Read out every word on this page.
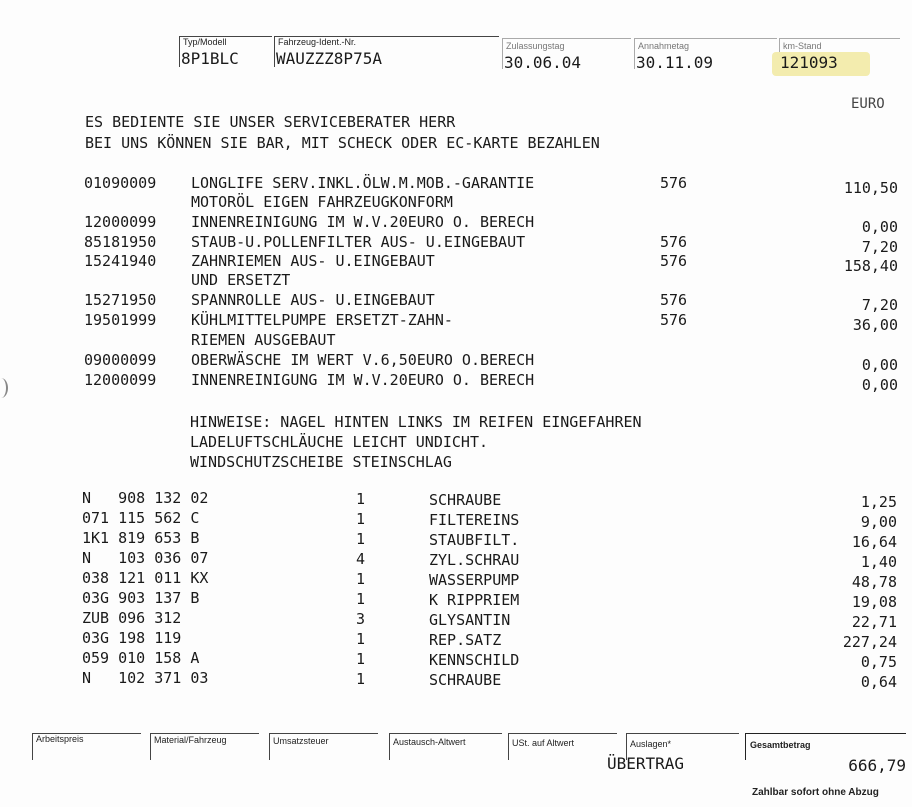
Typ/Modell
8P1BLC
Fahrzeug-Ident.-Nr.
WAUZZZ8P75A
Zulassungstag
30.06.04
Annahmetag
30.11.09
km-Stand
121093
EURO
ES BEDIENTE SIE UNSER SERVICEBERATER HERR
BEI UNS KÖNNEN SIE BAR, MIT SCHECK ODER EC-KARTE BEZAHLEN
01090009 LONGLIFE SERV.INKL.ÖLW.M.MOB.-GARANTIE	576	110,50
MOTORÖL EIGEN FAHRZEUGKONFORM
12000099 INNENREINIGUNG IM W.V.20EURO O. BERECH	0,00
85181950 STAUB-U.POLLENFILTER AUS- U.EINGEBAUT	576	7,20
15241940 ZAHNRIEMEN AUS- U.EINGEBAUT	576	158,40
UND ERSETZT
15271950 SPANNROLLE AUS- U.EINGEBAUT	576	7,20
19501999 KÜHLMITTELPUMPE ERSETZT-ZAHN-	576	36,00
RIEMEN AUSGEBAUT
09000099 OBERWÄSCHE IM WERT V.6,50EURO O.BERECH	0,00
12000099 INNENREINIGUNG IM W.V.20EURO O. BERECH	0,00
HINWEISE: NAGEL HINTEN LINKS IM REIFEN EINGEFAHREN
LADELUFTSCHLÄUCHE LEICHT UNDICHT.
WINDSCHUTZSCHEIBE STEINSCHLAG
N   908 132 02	1	SCHRAUBE	1,25
071 115 562 C	1	FILTEREINS	9,00
1K1 819 653 B	1	STAUBFILT.	16,64
N   103 036 07	4	ZYL.SCHRAU	1,40
038 121 011 KX	1	WASSERPUMP	48,78
03G 903 137 B	1	K RIPPRIEM	19,08
ZUB 096 312	3	GLYSANTIN	22,71
03G 198 119	1	REP.SATZ	227,24
059 010 158 A	1	KENNSCHILD	0,75
N   102 371 03	1	SCHRAUBE	0,64
Arbeitspreis	Material/Fahrzeug	Umsatzsteuer	Austausch-Altwert	USt. auf Altwert	Auslagen*	Gesamtbetrag
ÜBERTRAG	666,79
Zahlbar sofort ohne Abzug
